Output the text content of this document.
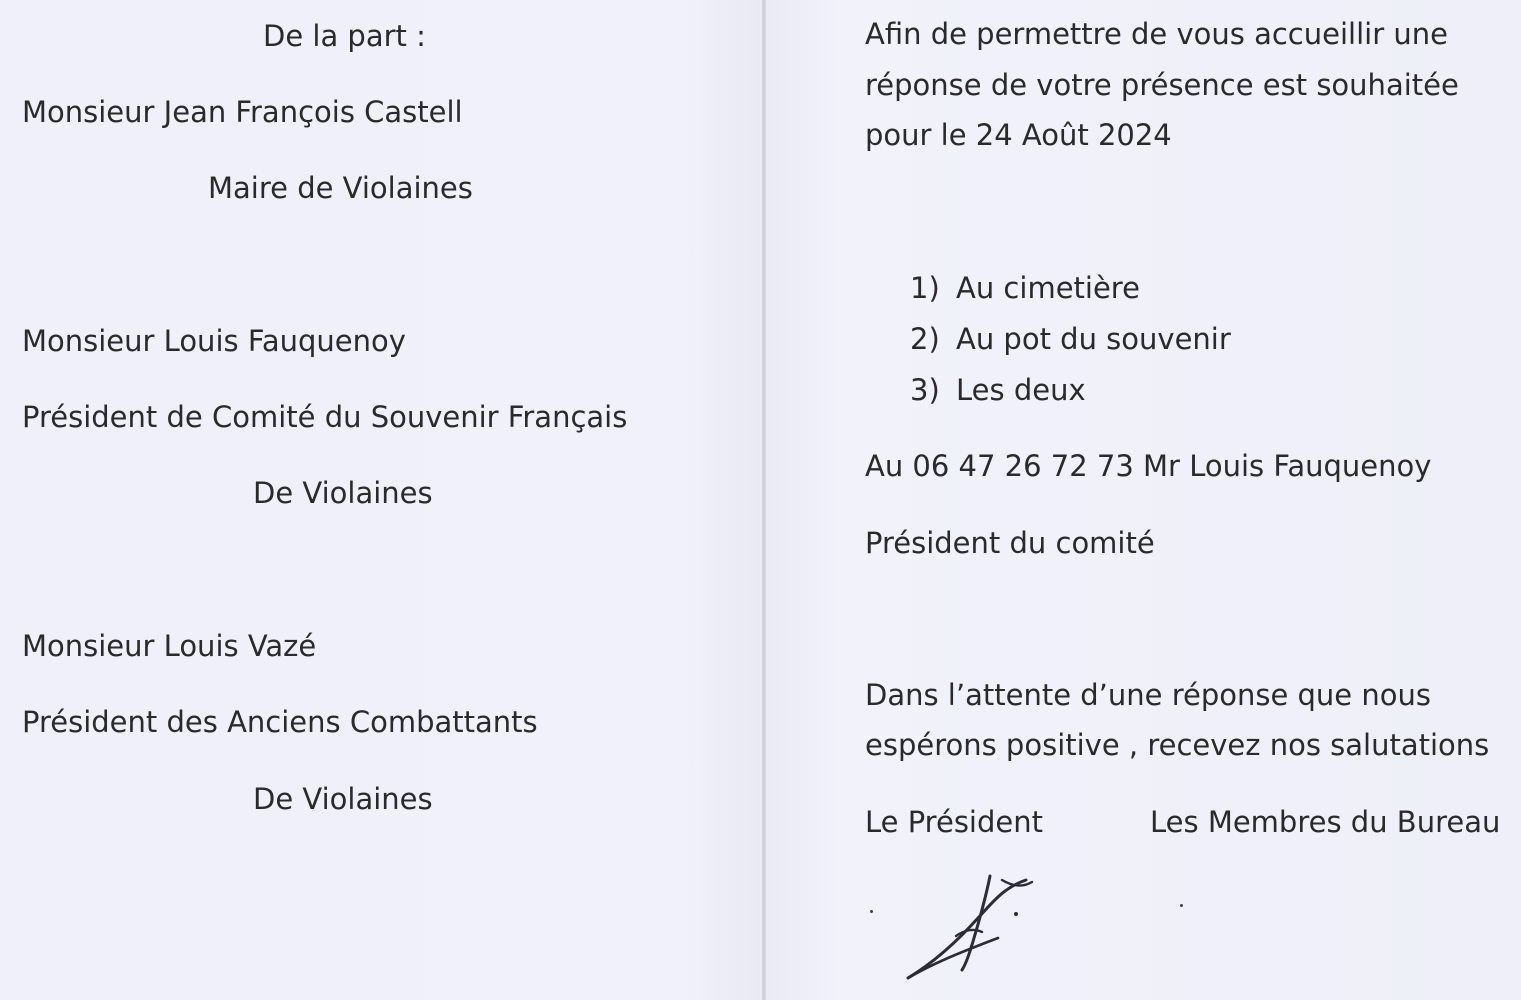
De la part :

Monsieur Jean François Castell

Maire de Violaines

Monsieur Louis Fauquenoy

Président de Comité du Souvenir Français

De Violaines

Monsieur Louis Vazé

Président des Anciens Combattants

De Violaines

Afin de permettre de vous accueillir une

réponse de votre présence est souhaitée

pour le 24 Août 2024

1) Au cimetière

2) Au pot du souvenir

3) Les deux

Au 06 47 26 72 73 Mr Louis Fauquenoy

Président du comité

Dans l’attente d’une réponse que nous

espérons positive , recevez nos salutations

Le Président	Les Membres du Bureau
